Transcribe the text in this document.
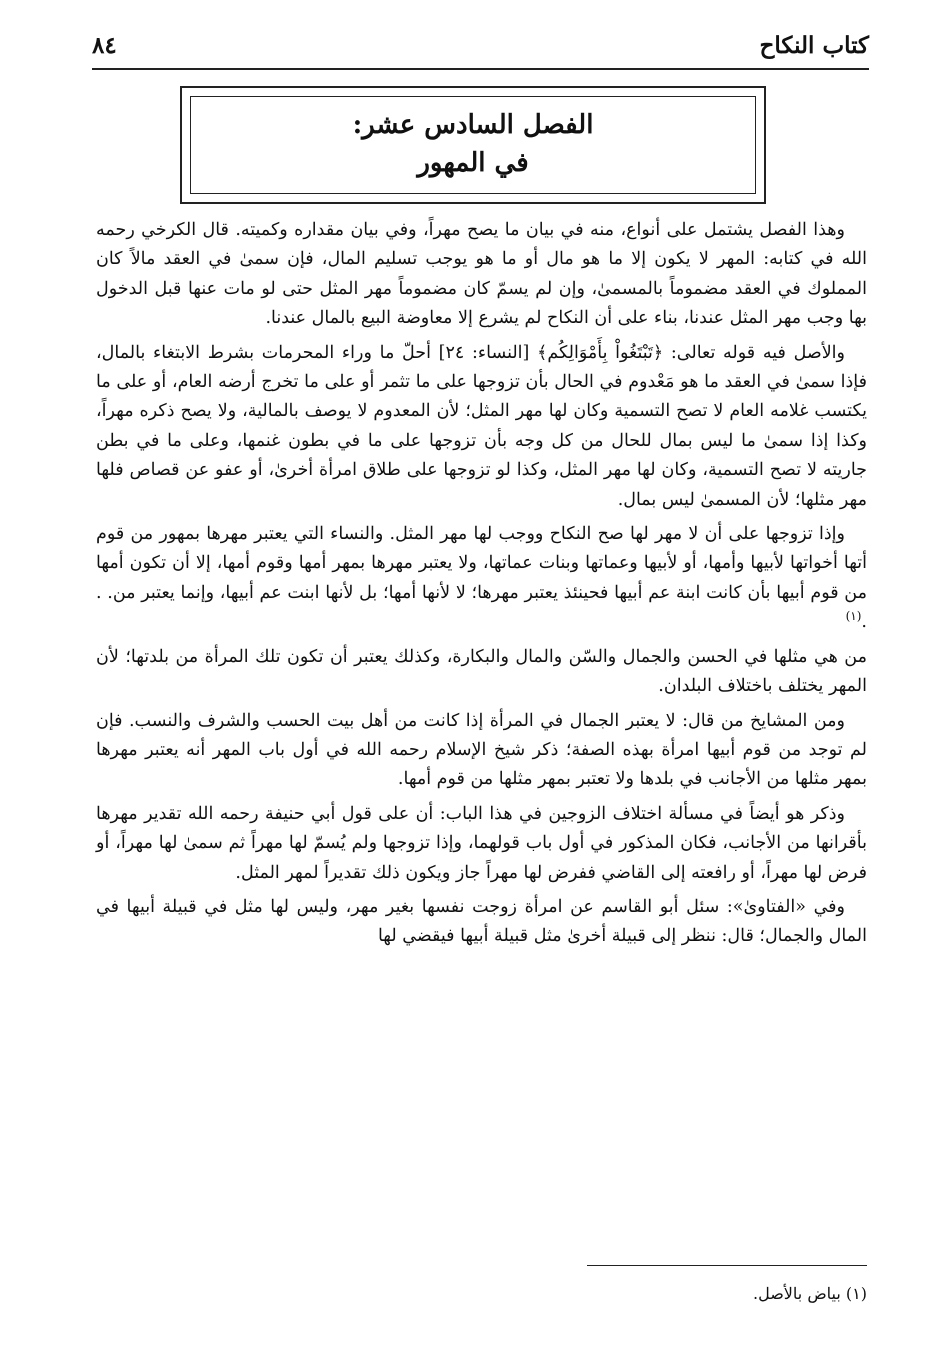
كتاب النكاح
٨٤
الفصل السادس عشر:
في المهور

وهذا الفصل يشتمل على أنواع، منه في بيان ما يصح مهراً، وفي بيان مقداره وكميته. قال الكرخي رحمه الله في كتابه: المهر لا يكون إلا ما هو مال أو ما هو يوجب تسليم المال، فإن سمىٰ في العقد مالاً كان المملوك في العقد مضموماً بالمسمىٰ، وإن لم يسمّ كان مضموماً مهر المثل حتى لو مات عنها قبل الدخول بها وجب مهر المثل عندنا، بناء على أن النكاح لم يشرع إلا معاوضة البيع بالمال عندنا.

والأصل فيه قوله تعالى: ﴿تَبْتَغُواْ بِأَمْوَالِكُم﴾ [النساء: ٢٤] أحلّ ما وراء المحرمات بشرط الابتغاء بالمال، فإذا سمىٰ في العقد ما هو مَعْدوم في الحال بأن تزوجها على ما تثمر أو على ما تخرج أرضه العام، أو على ما يكتسب غلامه العام لا تصح التسمية وكان لها مهر المثل؛ لأن المعدوم لا يوصف بالمالية، ولا يصح ذكره مهراً، وكذا إذا سمىٰ ما ليس بمال للحال من كل وجه بأن تزوجها على ما في بطون غنمها، وعلى ما في بطن جاريته لا تصح التسمية، وكان لها مهر المثل، وكذا لو تزوجها على طلاق امرأة أخرىٰ، أو عفو عن قصاص فلها مهر مثلها؛ لأن المسمىٰ ليس بمال.

وإذا تزوجها على أن لا مهر لها صح النكاح ووجب لها مهر المثل. والنساء التي يعتبر مهرها بمهور من قوم أتها أخواتها لأبيها وأمها، أو لأبيها وعماتها وبنات عماتها، ولا يعتبر مهرها بمهر أمها وقوم أمها، إلا أن تكون أمها من قوم أبيها بأن كانت ابنة عم أبيها فحينئذ يعتبر مهرها؛ لا لأنها أمها؛ بل لأنها ابنت عم أبيها، وإنما يعتبر من. . .$^{(١)}$

من هي مثلها في الحسن والجمال والسّن والمال والبكارة، وكذلك يعتبر أن تكون تلك المرأة من بلدتها؛ لأن المهر يختلف باختلاف البلدان.

ومن المشايخ من قال: لا يعتبر الجمال في المرأة إذا كانت من أهل بيت الحسب والشرف والنسب. فإن لم توجد من قوم أبيها امرأة بهذه الصفة؛ ذكر شيخ الإسلام رحمه الله في أول باب المهر أنه يعتبر مهرها بمهر مثلها من الأجانب في بلدها ولا تعتبر بمهر مثلها من قوم أمها.

وذكر هو أيضاً في مسألة اختلاف الزوجين في هذا الباب: أن على قول أبي حنيفة رحمه الله تقدير مهرها بأقرانها من الأجانب، فكان المذكور في أول باب قولهما، وإذا تزوجها ولم يُسمّ لها مهراً ثم سمىٰ لها مهراً، أو فرض لها مهراً، أو رافعته إلى القاضي ففرض لها مهراً جاز ويكون ذلك تقديراً لمهر المثل.

وفي «الفتاوىٰ»: سئل أبو القاسم عن امرأة زوجت نفسها بغير مهر، وليس لها مثل في قبيلة أبيها في المال والجمال؛ قال: ننظر إلى قبيلة أخرىٰ مثل قبيلة أبيها فيقضي لها

(١) بياض بالأصل.
